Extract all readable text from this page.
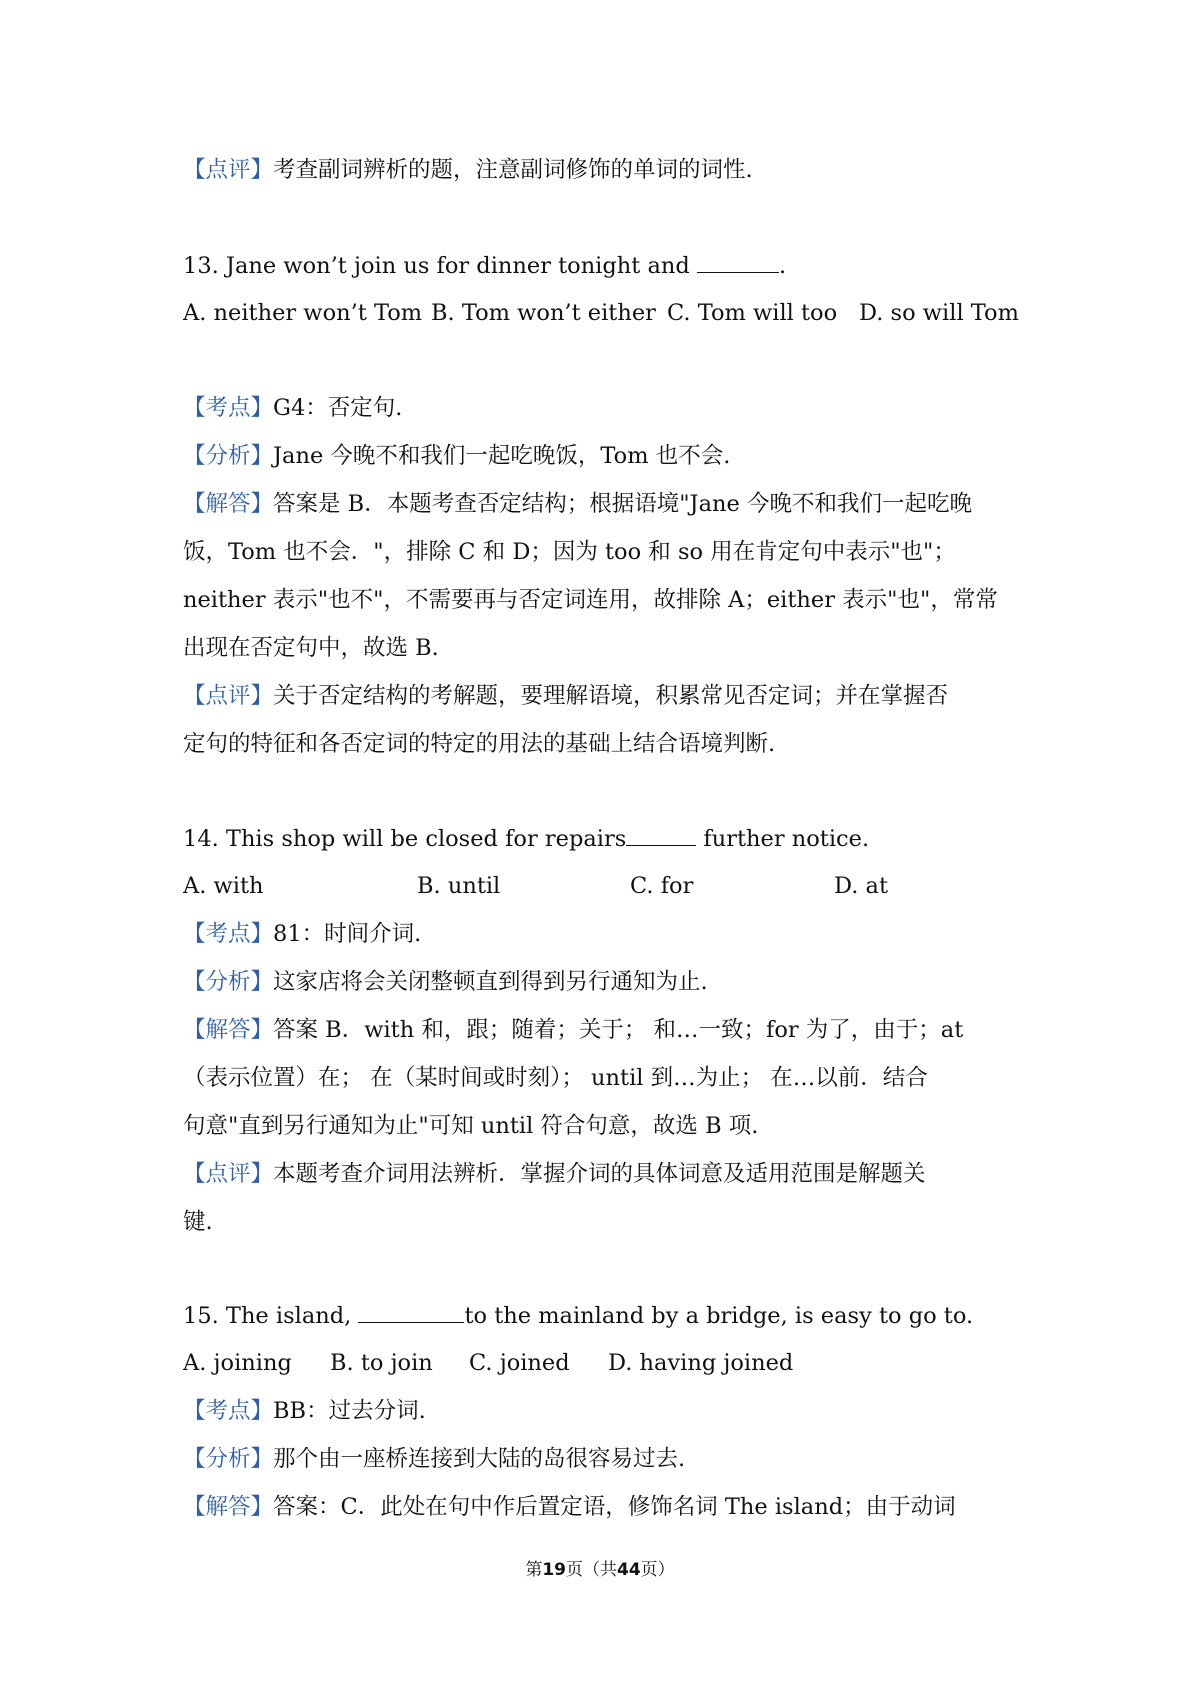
【点评】考查副词辨析的题，注意副词修饰的单词的词性.
13. Jane won’t join us for dinner tonight and	.
A. neither won’t Tom B. Tom won’t either C. Tom will too D. so will Tom
【考点】G4：否定句.
【分析】Jane 今晚不和我们一起吃晚饭，Tom 也不会.
【解答】答案是 B．本题考查否定结构；根据语境"Jane 今晚不和我们一起吃晚
饭，Tom 也不会．"，排除 C 和 D；因为 too 和 so 用在肯定句中表示"也"；
neither 表示"也不"，不需要再与否定词连用，故排除 A；either 表示"也"，常常
出现在否定句中，故选 B.
【点评】关于否定结构的考解题，要理解语境，积累常见否定词；并在掌握否
定句的特征和各否定词的特定的用法的基础上结合语境判断.
14. This shop will be closed for repairs	further notice.
A. with	B. until	C. for	D. at
【考点】81：时间介词.
【分析】这家店将会关闭整顿直到得到另行通知为止.
【解答】答案 B．with 和，跟；随着；关于； 和…一致；for 为了，由于；at
（表示位置）在； 在（某时间或时刻）； until 到…为止； 在…以前．结合
句意"直到另行通知为止"可知 until 符合句意，故选 B 项.
【点评】本题考查介词用法辨析．掌握介词的具体词意及适用范围是解题关
键.
15. The island,	to the mainland by a bridge, is easy to go to.
A. joining B. to join C. joined D. having joined
【考点】BB：过去分词.
【分析】那个由一座桥连接到大陆的岛很容易过去.
【解答】答案：C．此处在句中作后置定语，修饰名词 The island；由于动词
第19页（共44页）
